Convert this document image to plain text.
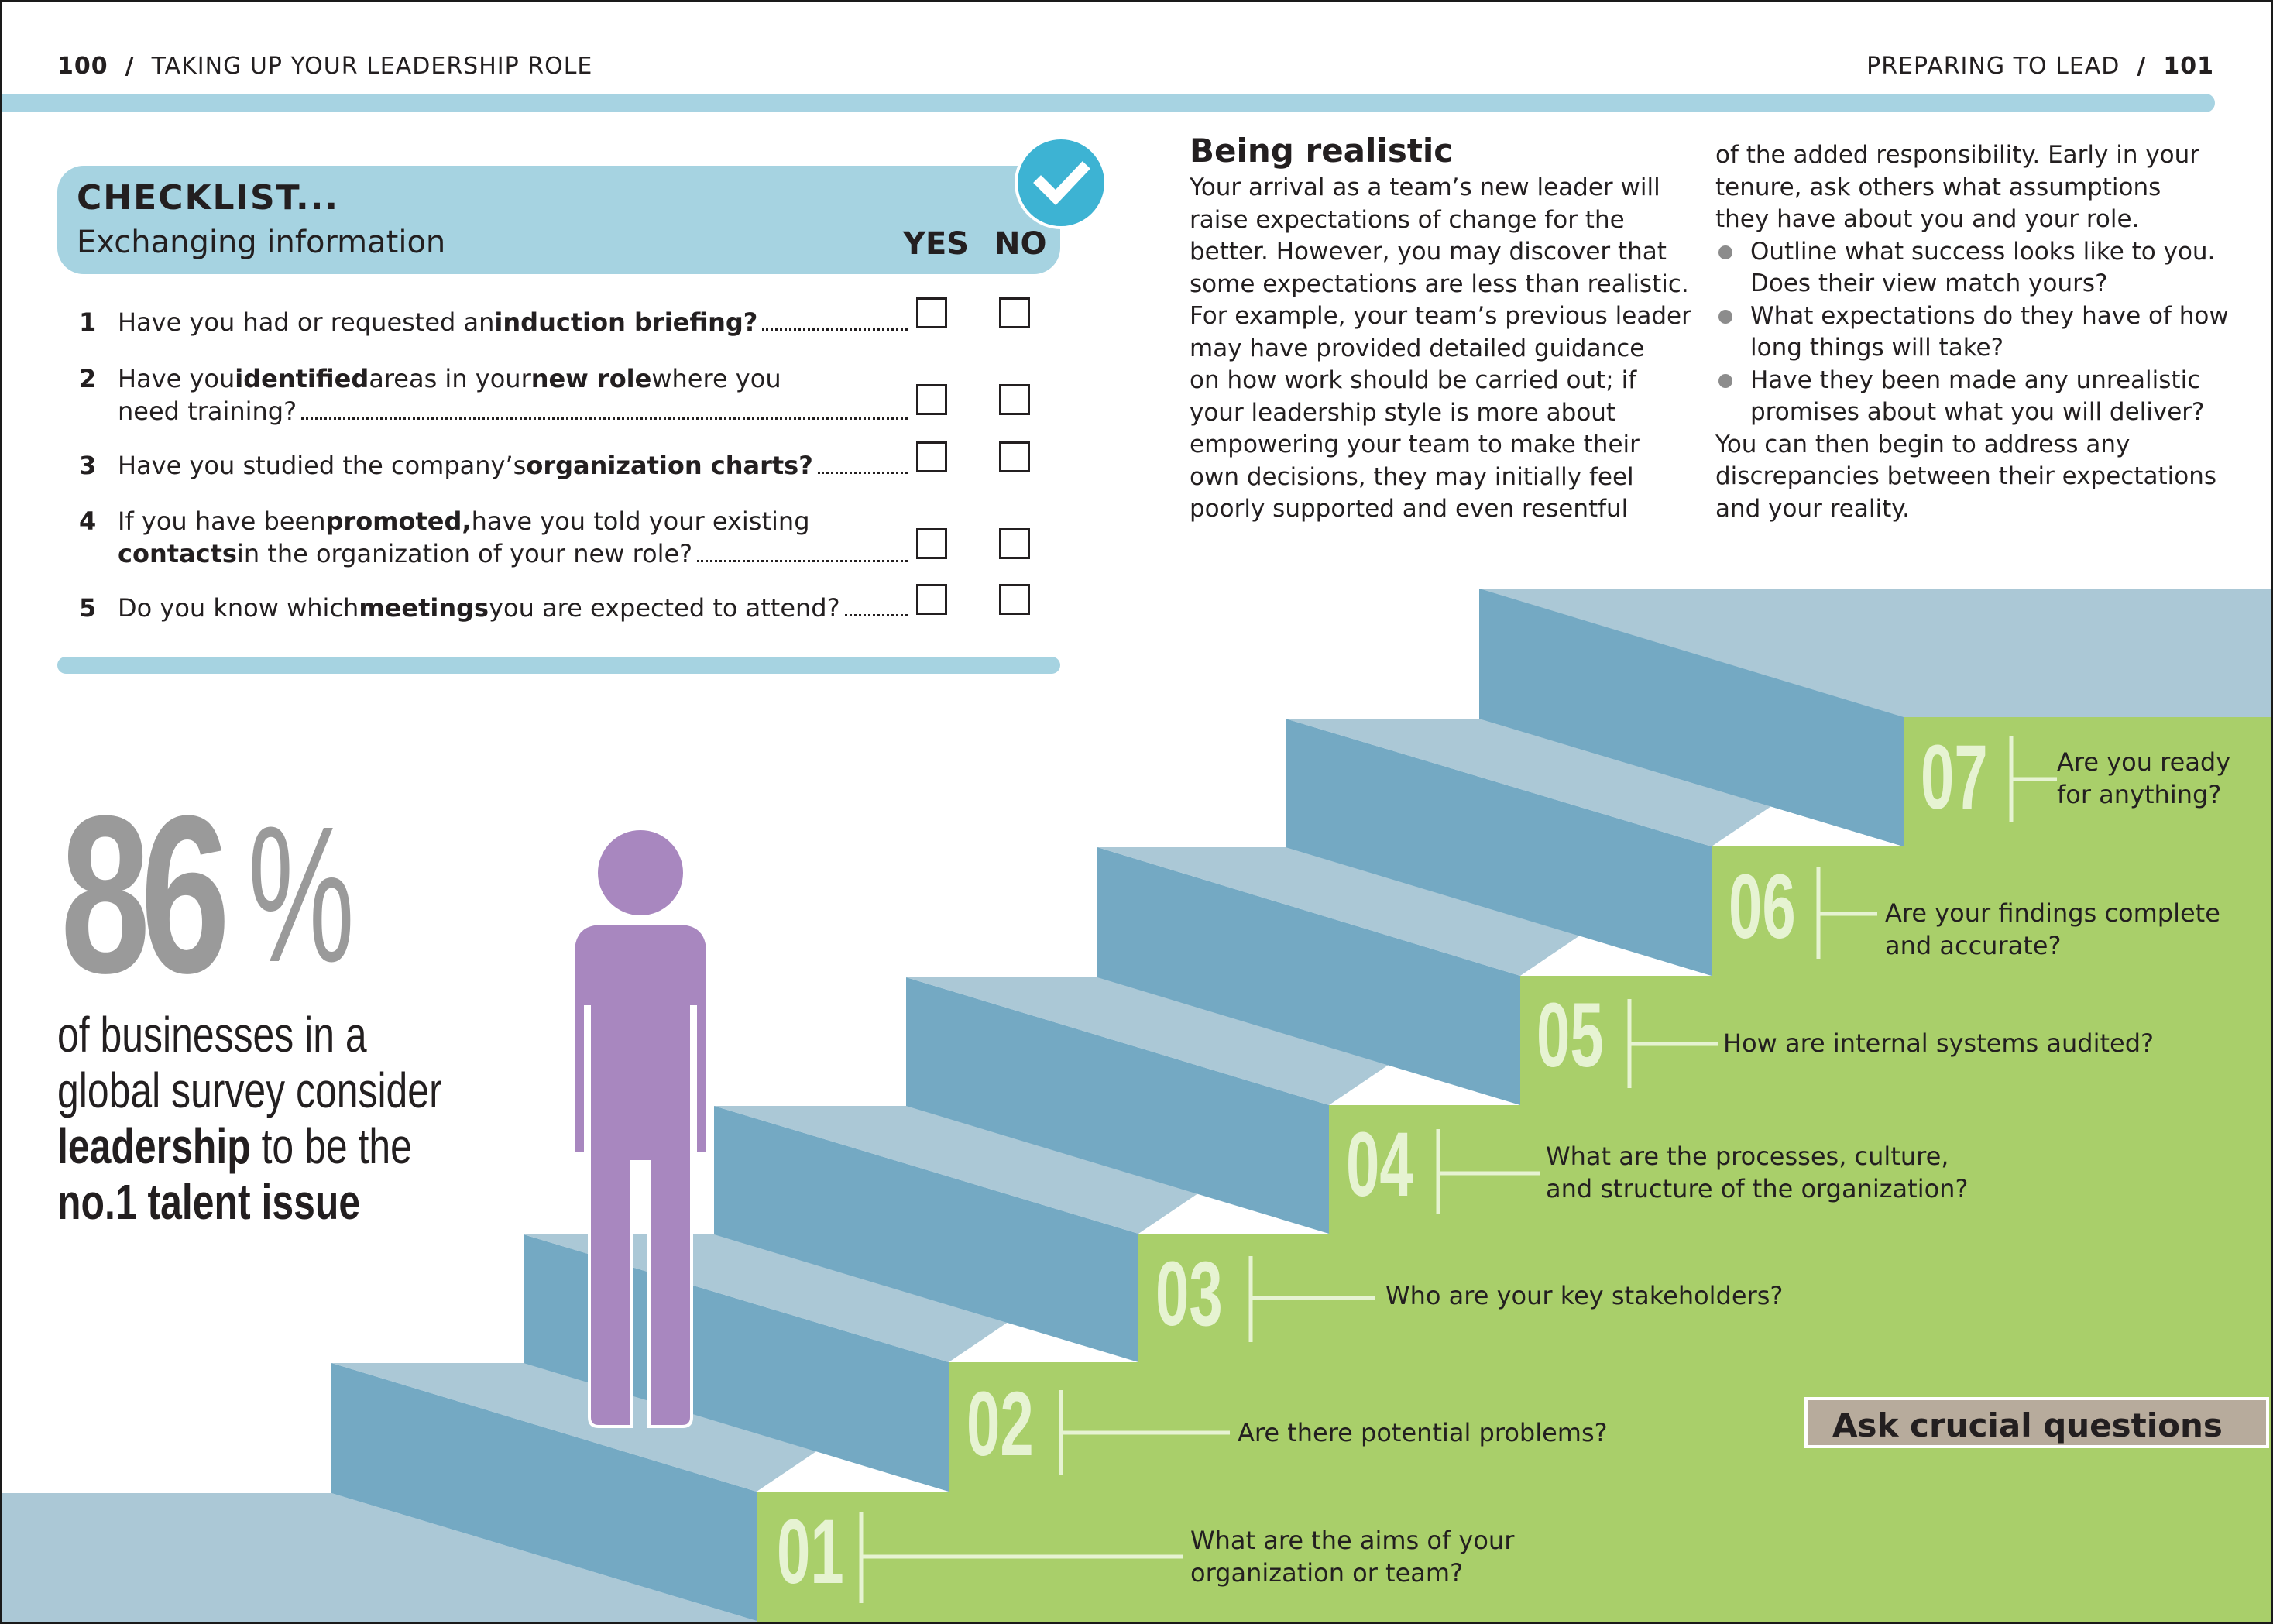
100 / TAKING UP YOUR LEADERSHIP ROLE	PREPARING TO LEAD / 101
CHECKLIST...
Exchanging information	YES NO
1 Have you had or requested an induction briefing?
2 Have you identified areas in your new role where you
need training?
3 Have you studied the company’s organization charts?
4 If you have been promoted, have you told your existing
contacts in the organization of your new role?
5 Do you know which meetings you are expected to attend?
Being realistic
Your arrival as a team’s new leader will
raise expectations of change for the
better. However, you may discover that
some expectations are less than realistic.
For example, your team’s previous leader
may have provided detailed guidance
on how work should be carried out; if
your leadership style is more about
empowering your team to make their
own decisions, they may initially feel
poorly supported and even resentful
of the added responsibility. Early in your
tenure, ask others what assumptions
they have about you and your role.
Outline what success looks like to you.
Does their view match yours?
What expectations do they have of how
long things will take?
Have they been made any unrealistic
promises about what you will deliver?
You can then begin to address any
discrepancies between their expectations
and your reality.
86 %
of businesses in a
global survey consider
leadership to be the
no.1 talent issue
01	What are the aims of your
organization or team?
02	Are there potential problems?
03	Who are your key stakeholders?
04	What are the processes, culture,
and structure of the organization?
05	How are internal systems audited?
06	Are your findings complete
and accurate?
07	Are you ready
for anything?
Ask crucial questions
